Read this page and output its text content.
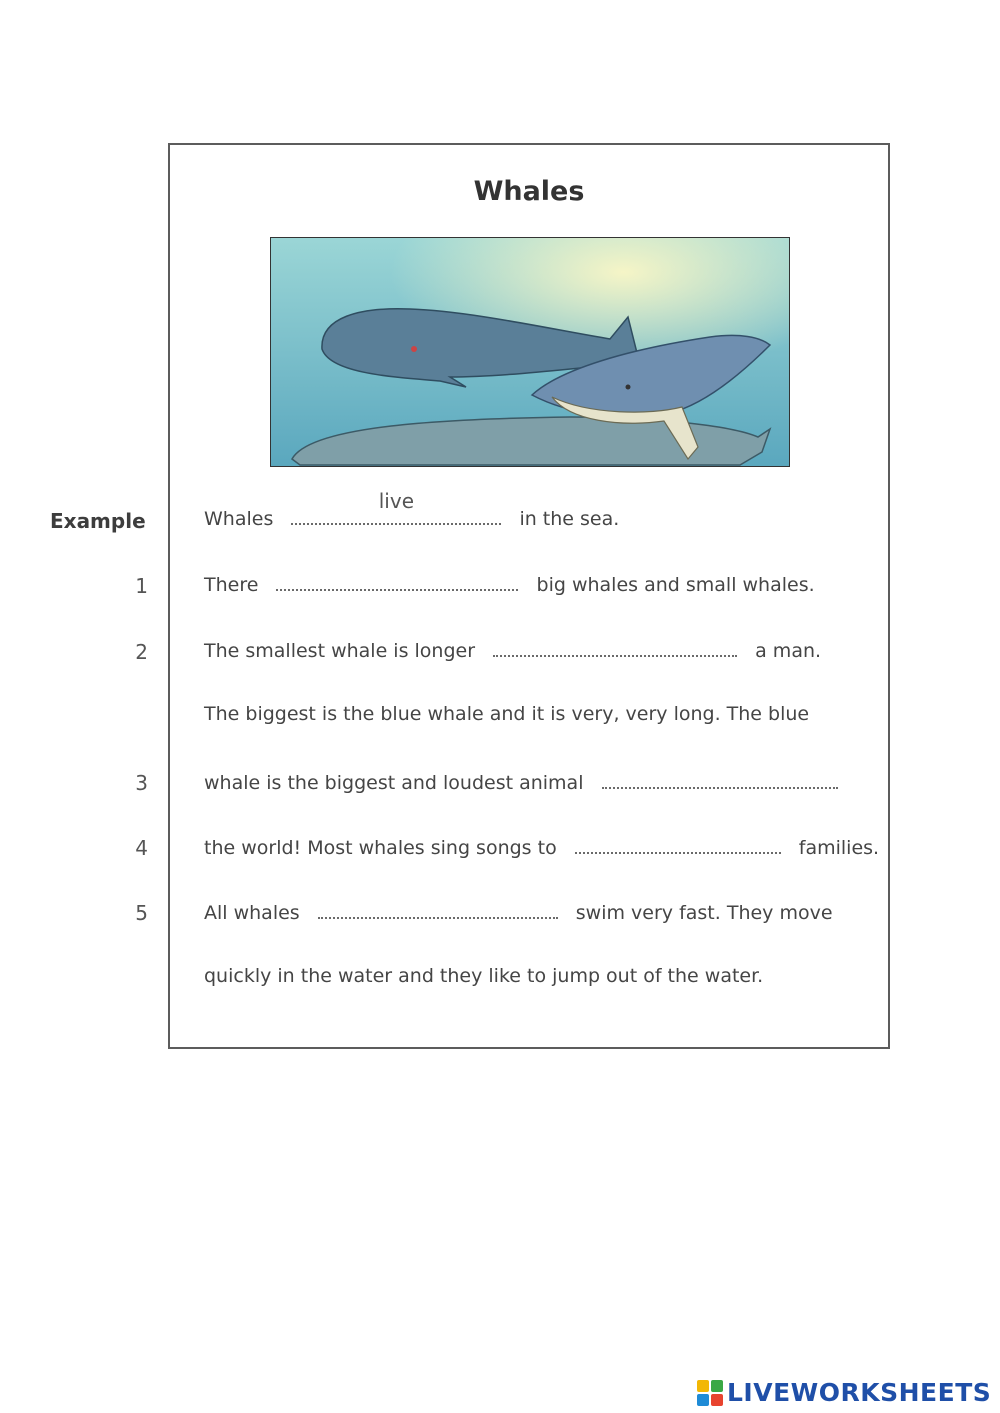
Whales
Example
1
2
3
4
5
Whales
live
in the sea.
There	big whales and small whales.
The smallest whale is longer	a man.
The biggest is the blue whale and it is very, very long. The blue
whale is the biggest and loudest animal
the world! Most whales sing songs to	families.
All whales	swim very fast. They move
quickly in the water and they like to jump out of the water.
LIVEWORKSHEETS
